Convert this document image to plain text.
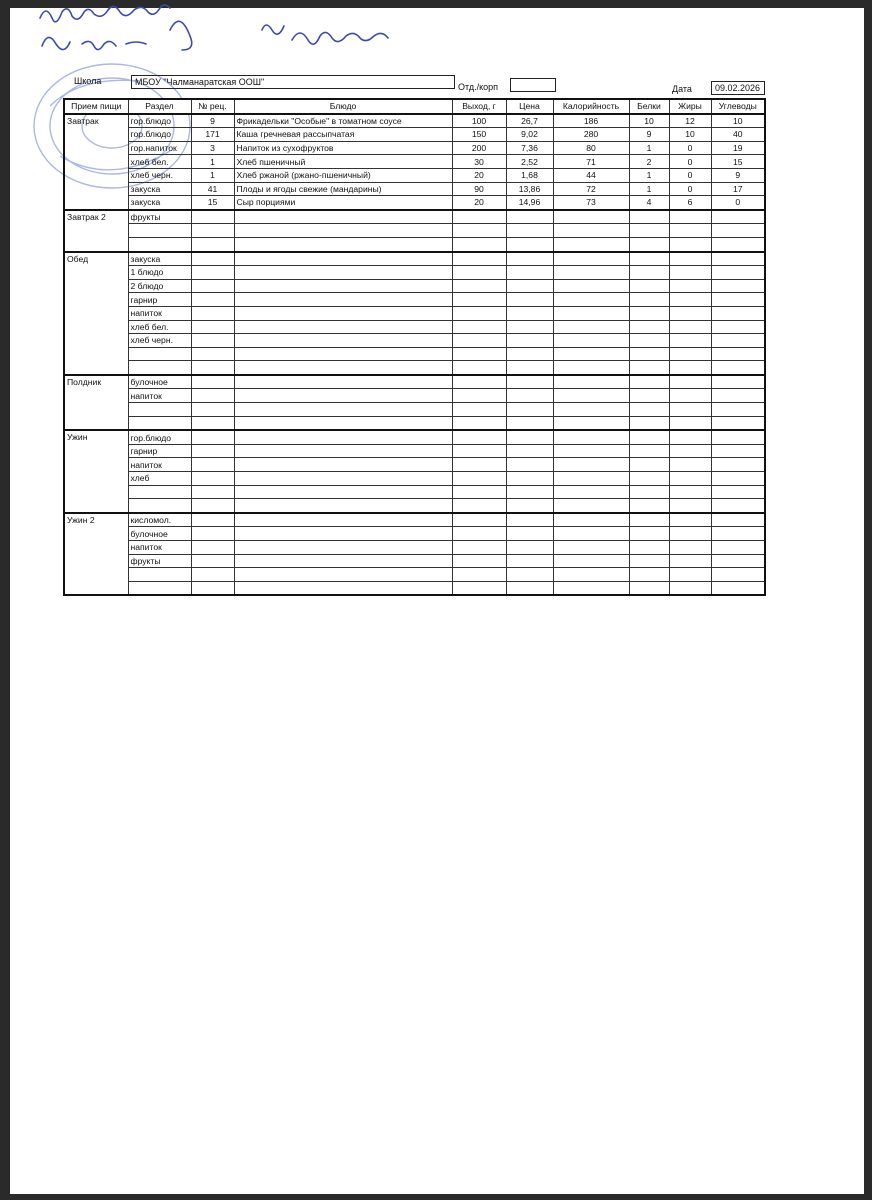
Школа	МБОУ "Чалманаратская ООШ"	Отд./корп	Дата	09.02.2026
Прием пищи	Раздел	№ рец.	Блюдо	Выход, г	Цена	Калорийность	Белки	Жиры	Углеводы
Завтрак	гор.блюдо	9	Фрикадельки "Особые" в томатном соусе	100	26,7	186	10	12	10
	гор.блюдо	171	Каша гречневая рассыпчатая	150	9,02	280	9	10	40
	гор.напиток	3	Напиток из сухофруктов	200	7,36	80	1	0	19
	хлеб бел.	1	Хлеб пшеничный	30	2,52	71	2	0	15
	хлеб черн.	1	Хлеб ржаной (ржано-пшеничный)	20	1,68	44	1	0	9
	закуска	41	Плоды и ягоды свежие (мандарины)	90	13,86	72	1	0	17
	закуска	15	Сыр порциями	20	14,96	73	4	6	0
Завтрак 2	фрукты								

Обед	закуска								
	1 блюдо								
	2 блюдо								
	гарнир								
	напиток								
	хлеб бел.								
	хлеб черн.								

Полдник	булочное								
	напиток								

Ужин	гор.блюдо								
	гарнир								
	напиток								
	хлеб								

Ужин 2	кисломол.								
	булочное								
	напиток								
	фрукты								
